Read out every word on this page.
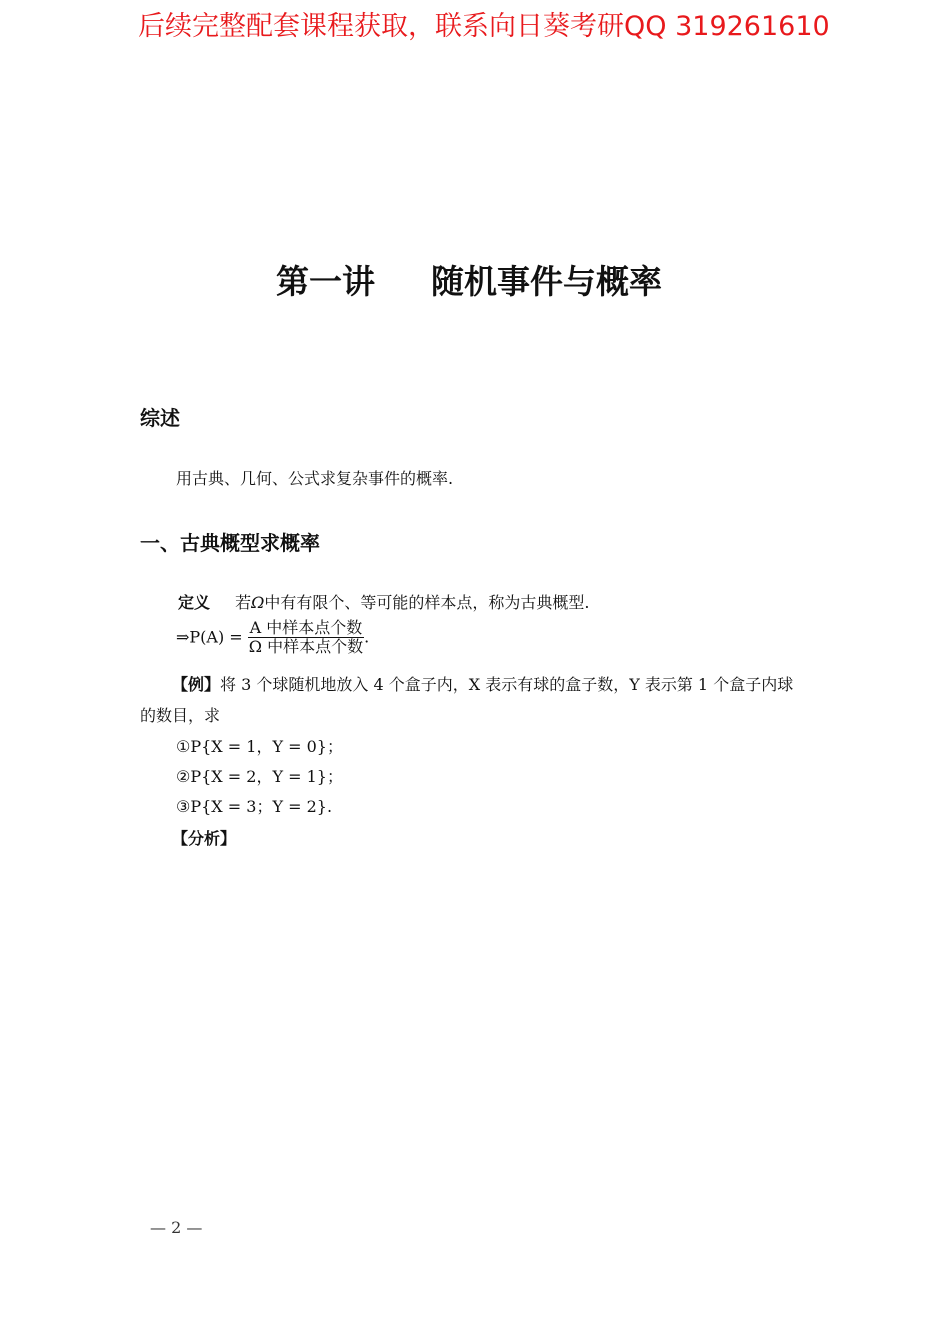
后续完整配套课程获取，联系向日葵考研QQ 319261610
第一讲 随机事件与概率
综述
用古典、几何、公式求复杂事件的概率.
一、古典概型求概率
定义 若Ω中有有限个、等可能的样本点，称为古典概型.
⇒P(A) = $\frac{\text{A 中样本点个数}}{\text{Ω 中样本点个数}}$ .
【例】将 3 个球随机地放入 4 个盒子内，X 表示有球的盒子数，Y 表示第 1 个盒子内球
的数目，求
①P{X = 1，Y = 0}；
②P{X = 2，Y = 1}；
③P{X = 3；Y = 2}.
【分析】
— 2 —
